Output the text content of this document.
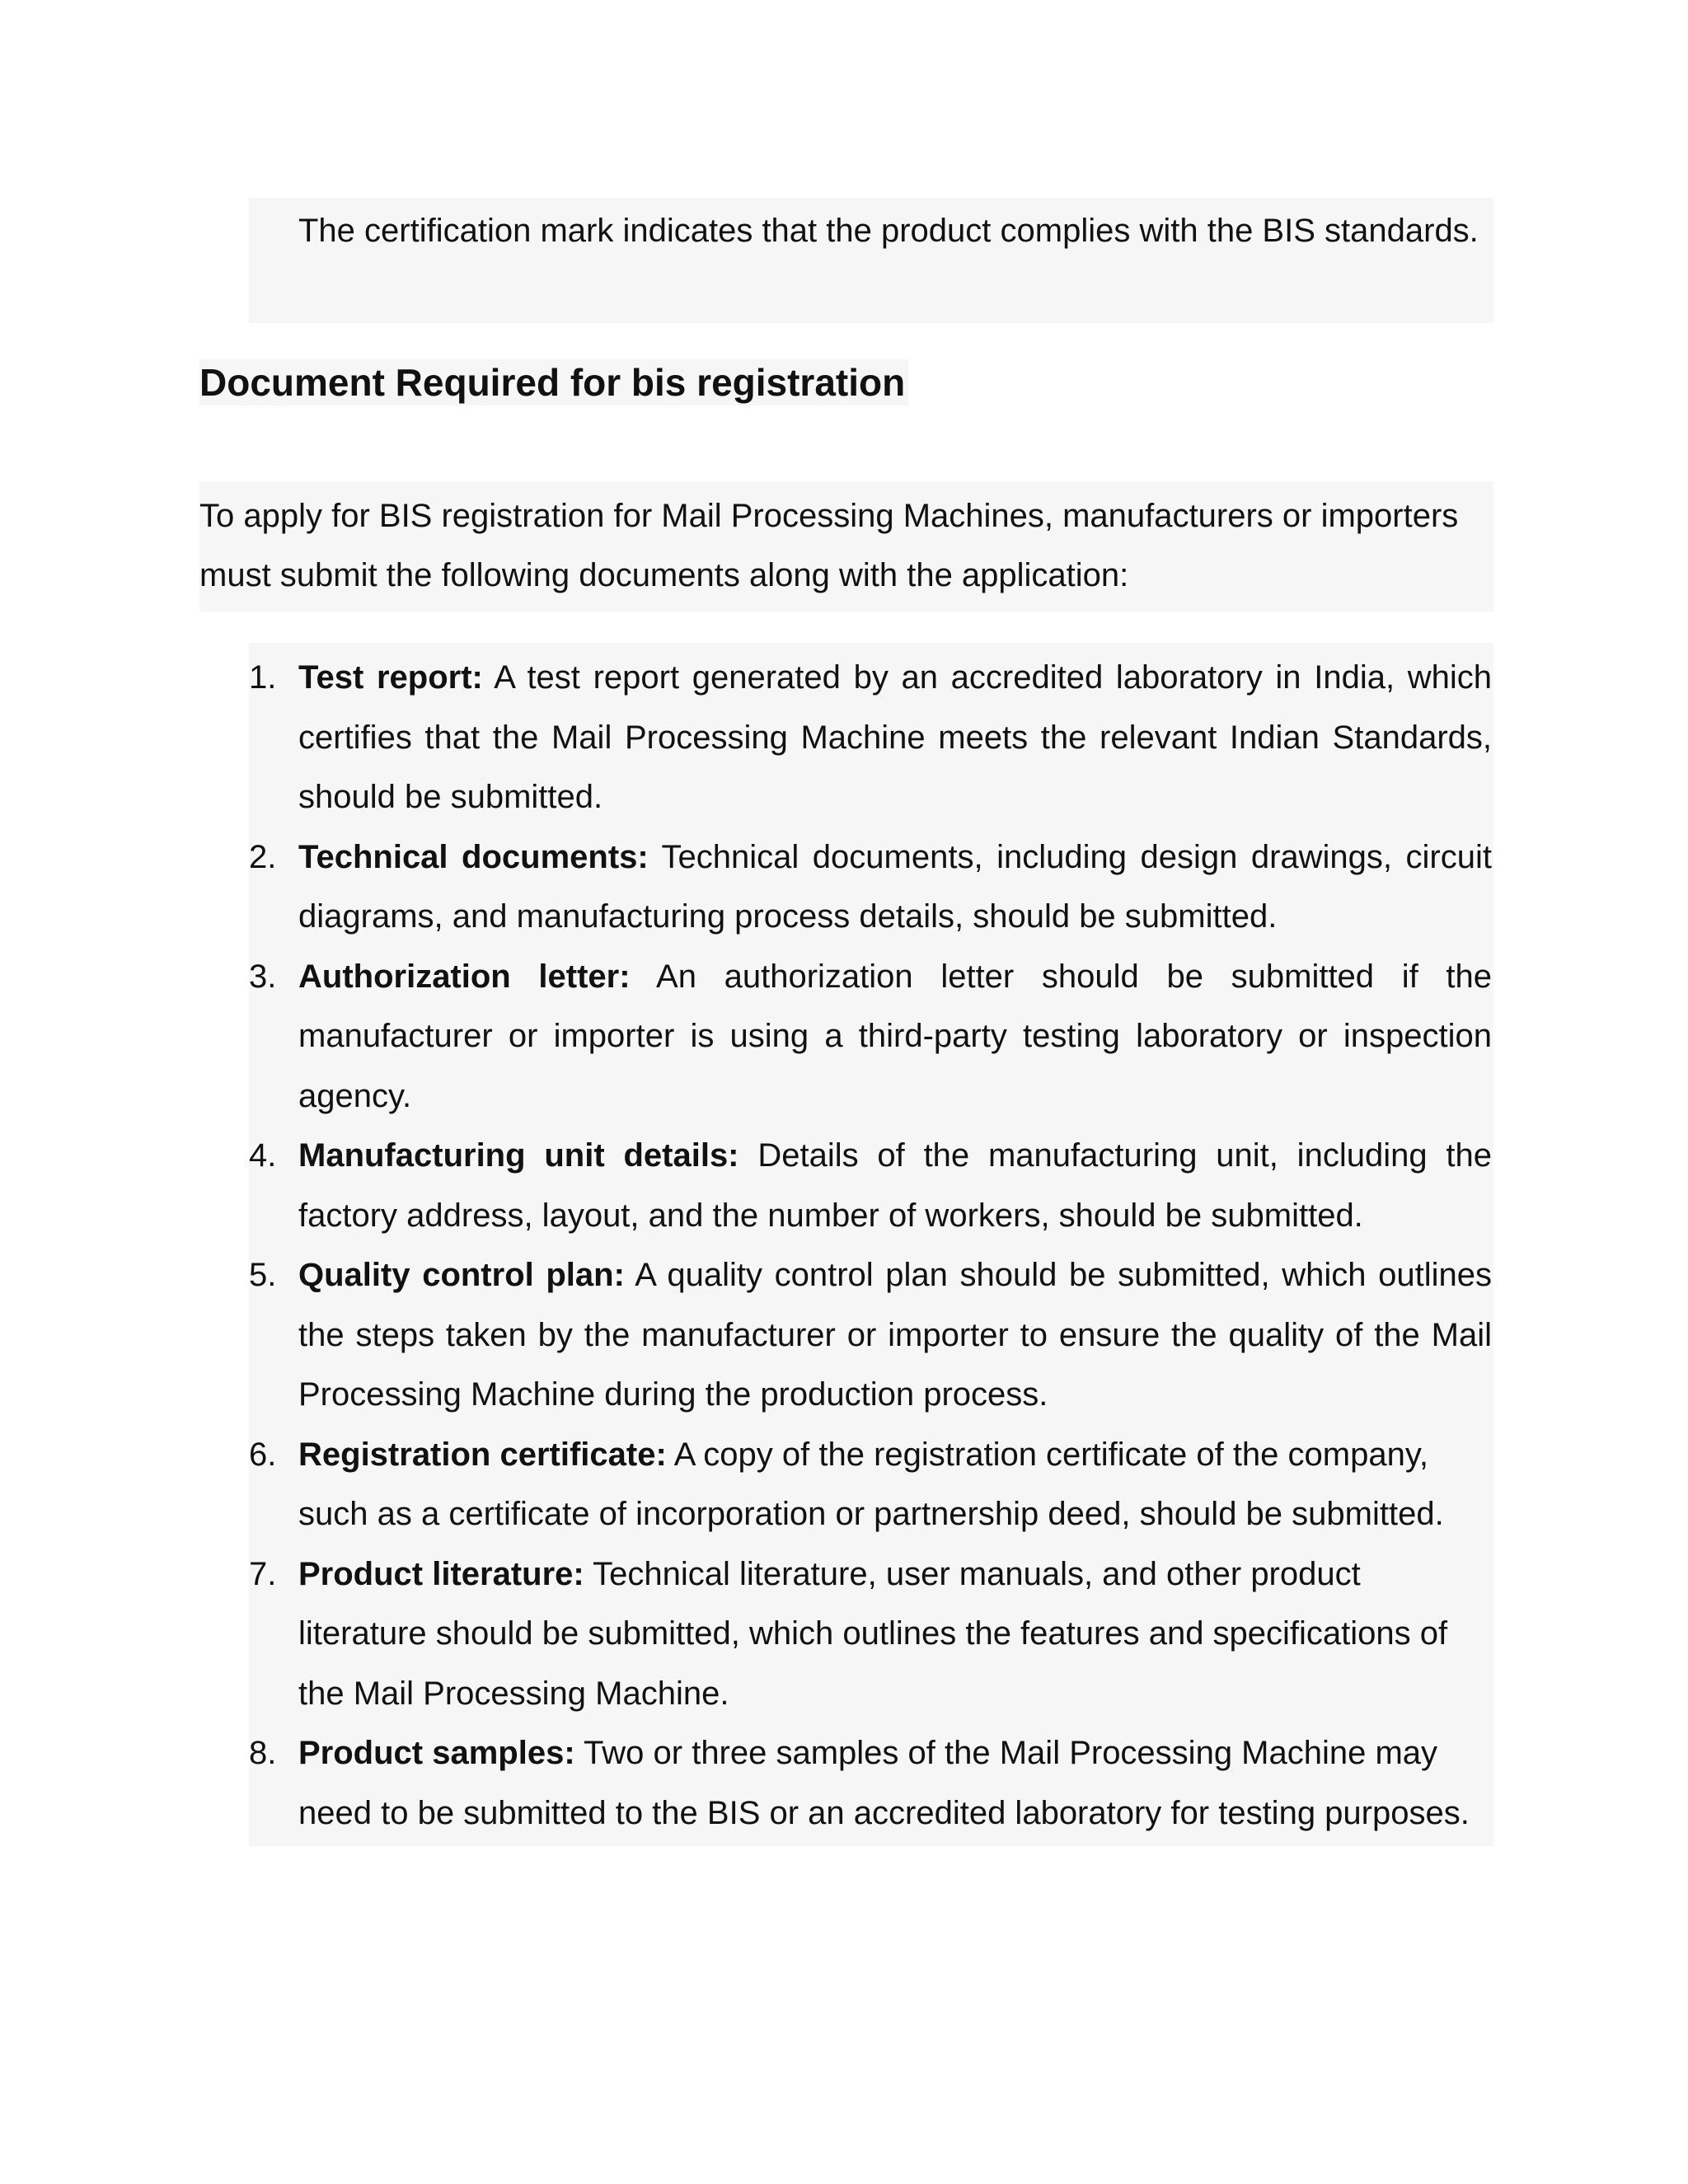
The certification mark indicates that the product complies with the BIS standards.

Document Required for bis registration

To apply for BIS registration for Mail Processing Machines, manufacturers or importers must submit the following documents along with the application:

1. Test report: A test report generated by an accredited laboratory in India, which certifies that the Mail Processing Machine meets the relevant Indian Standards, should be submitted.
2. Technical documents: Technical documents, including design drawings, circuit diagrams, and manufacturing process details, should be submitted.
3. Authorization letter: An authorization letter should be submitted if the manufacturer or importer is using a third-party testing laboratory or inspection agency.
4. Manufacturing unit details: Details of the manufacturing unit, including the factory address, layout, and the number of workers, should be submitted.
5. Quality control plan: A quality control plan should be submitted, which outlines the steps taken by the manufacturer or importer to ensure the quality of the Mail Processing Machine during the production process.
6. Registration certificate: A copy of the registration certificate of the company, such as a certificate of incorporation or partnership deed, should be submitted.
7. Product literature: Technical literature, user manuals, and other product literature should be submitted, which outlines the features and specifications of the Mail Processing Machine.
8. Product samples: Two or three samples of the Mail Processing Machine may need to be submitted to the BIS or an accredited laboratory for testing purposes.
